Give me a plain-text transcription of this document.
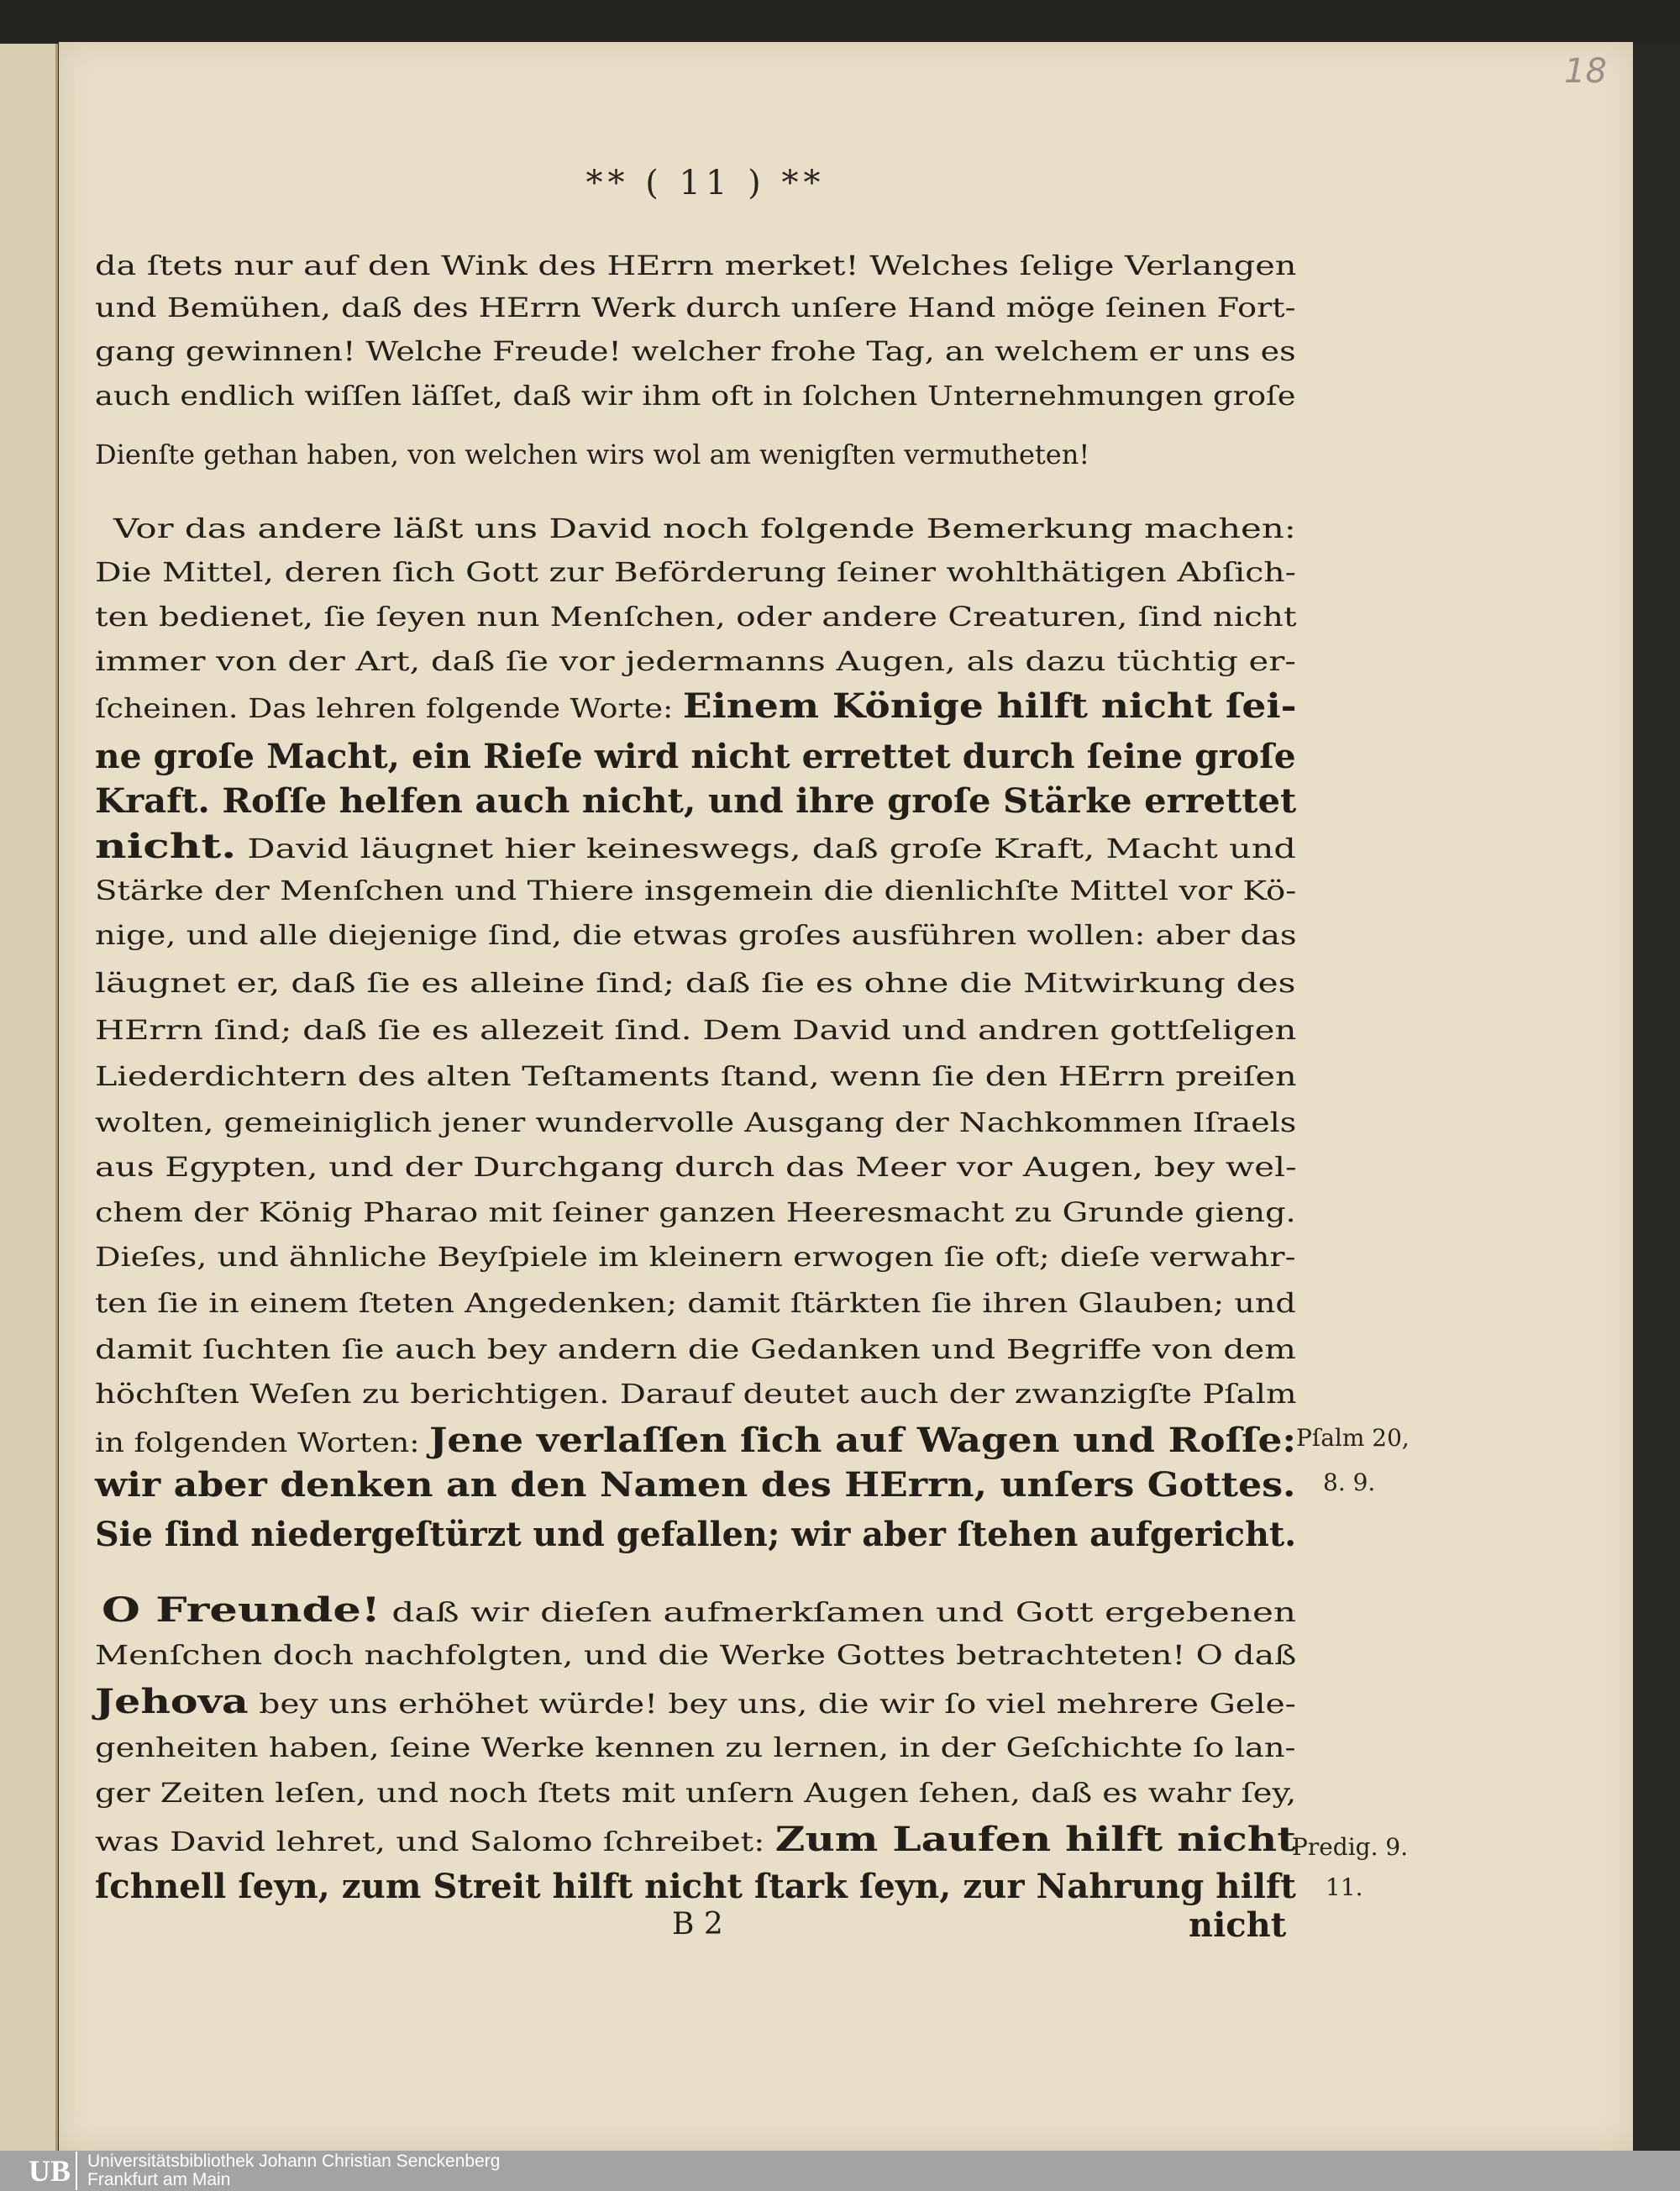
18
** ( 11 ) **
da ſtets nur auf den Wink des HErrn merket! Welches ſelige Verlangen
und Bemühen, daß des HErrn Werk durch unſere Hand möge ſeinen Fort-
gang gewinnen! Welche Freude! welcher frohe Tag, an welchem er uns es
auch endlich wiſſen läſſet, daß wir ihm oft in ſolchen Unternehmungen groſe
Dienſte gethan haben, von welchen wirs wol am wenigſten vermutheten!
Vor das andere läßt uns David noch folgende Bemerkung machen:
Die Mittel, deren ſich Gott zur Beförderung ſeiner wohlthätigen Abſich-
ten bedienet, ſie ſeyen nun Menſchen, oder andere Creaturen, ſind nicht
immer von der Art, daß ſie vor jedermanns Augen, als dazu tüchtig er-
ſcheinen. Das lehren folgende Worte: Einem Könige hilft nicht ſei-
ne groſe Macht, ein Rieſe wird nicht errettet durch ſeine groſe
Kraft. Roſſe helfen auch nicht, und ihre groſe Stärke errettet
nicht. David läugnet hier keineswegs, daß groſe Kraft, Macht und
Stärke der Menſchen und Thiere insgemein die dienlichſte Mittel vor Kö-
nige, und alle diejenige ſind, die etwas groſes ausführen wollen: aber das
läugnet er, daß ſie es alleine ſind; daß ſie es ohne die Mitwirkung des
HErrn ſind; daß ſie es allezeit ſind. Dem David und andren gottſeligen
Liederdichtern des alten Teſtaments ſtand, wenn ſie den HErrn preiſen
wolten, gemeiniglich jener wundervolle Ausgang der Nachkommen Iſraels
aus Egypten, und der Durchgang durch das Meer vor Augen, bey wel-
chem der König Pharao mit ſeiner ganzen Heeresmacht zu Grunde gieng.
Dieſes, und ähnliche Beyſpiele im kleinern erwogen ſie oft; dieſe verwahr-
ten ſie in einem ſteten Angedenken; damit ſtärkten ſie ihren Glauben; und
damit ſuchten ſie auch bey andern die Gedanken und Begriffe von dem
höchſten Weſen zu berichtigen. Darauf deutet auch der zwanzigſte Pſalm
in folgenden Worten: Jene verlaſſen ſich auf Wagen und Roſſe:
wir aber denken an den Namen des HErrn, unſers Gottes.
Sie ſind niedergeſtürzt und gefallen; wir aber ſtehen aufgericht.
O Freunde! daß wir dieſen aufmerkſamen und Gott ergebenen
Menſchen doch nachfolgten, und die Werke Gottes betrachteten! O daß
Jehova bey uns erhöhet würde! bey uns, die wir ſo viel mehrere Gele-
genheiten haben, ſeine Werke kennen zu lernen, in der Geſchichte ſo lan-
ger Zeiten leſen, und noch ſtets mit unſern Augen ſehen, daß es wahr ſey,
was David lehret, und Salomo ſchreibet: Zum Laufen hilft nicht
ſchnell ſeyn, zum Streit hilft nicht ſtark ſeyn, zur Nahrung hilft
Pſalm 20,
8. 9.
Predig. 9.
11.
B 2	nicht
UB Universitätsbibliothek Johann Christian Senckenberg
Frankfurt am Main
